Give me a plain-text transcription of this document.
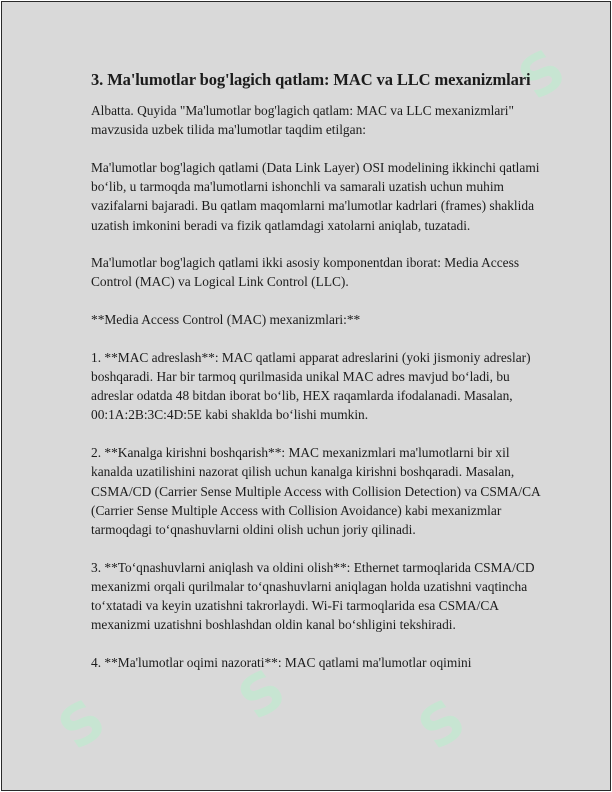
S S S
S
3. Ma'lumotlar bog'lagich qatlam: MAC va LLC mexanizmlari

Albatta. Quyida "Ma'lumotlar bog'lagich qatlam: MAC va LLC mexanizmlari" mavzusida uzbek tilida ma'lumotlar taqdim etilgan:

Ma'lumotlar bog'lagich qatlami (Data Link Layer) OSI modelining ikkinchi qatlami bo‘lib, u tarmoqda ma'lumotlarni ishonchli va samarali uzatish uchun muhim vazifalarni bajaradi. Bu qatlam maqomlarni ma'lumotlar kadrlari (frames) shaklida uzatish imkonini beradi va fizik qatlamdagi xatolarni aniqlab, tuzatadi.

Ma'lumotlar bog'lagich qatlami ikki asosiy komponentdan iborat: Media Access Control (MAC) va Logical Link Control (LLC).

**Media Access Control (MAC) mexanizmlari:**

1. **MAC adreslash**: MAC qatlami apparat adreslarini (yoki jismoniy adreslar) boshqaradi. Har bir tarmoq qurilmasida unikal MAC adres mavjud bo‘ladi, bu adreslar odatda 48 bitdan iborat bo‘lib, HEX raqamlarda ifodalanadi. Masalan, 00:1A:2B:3C:4D:5E kabi shaklda bo‘lishi mumkin.

2. **Kanalga kirishni boshqarish**: MAC mexanizmlari ma'lumotlarni bir xil kanalda uzatilishini nazorat qilish uchun kanalga kirishni boshqaradi. Masalan, CSMA/CD (Carrier Sense Multiple Access with Collision Detection) va CSMA/CA (Carrier Sense Multiple Access with Collision Avoidance) kabi mexanizmlar tarmoqdagi to‘qnashuvlarni oldini olish uchun joriy qilinadi.

3. **To‘qnashuvlarni aniqlash va oldini olish**: Ethernet tarmoqlarida CSMA/CD mexanizmi orqali qurilmalar to‘qnashuvlarni aniqlagan holda uzatishni vaqtincha to‘xtatadi va keyin uzatishni takrorlaydi. Wi-Fi tarmoqlarida esa CSMA/CA mexanizmi uzatishni boshlashdan oldin kanal bo‘shligini tekshiradi.

4. **Ma'lumotlar oqimi nazorati**: MAC qatlami ma'lumotlar oqimini
